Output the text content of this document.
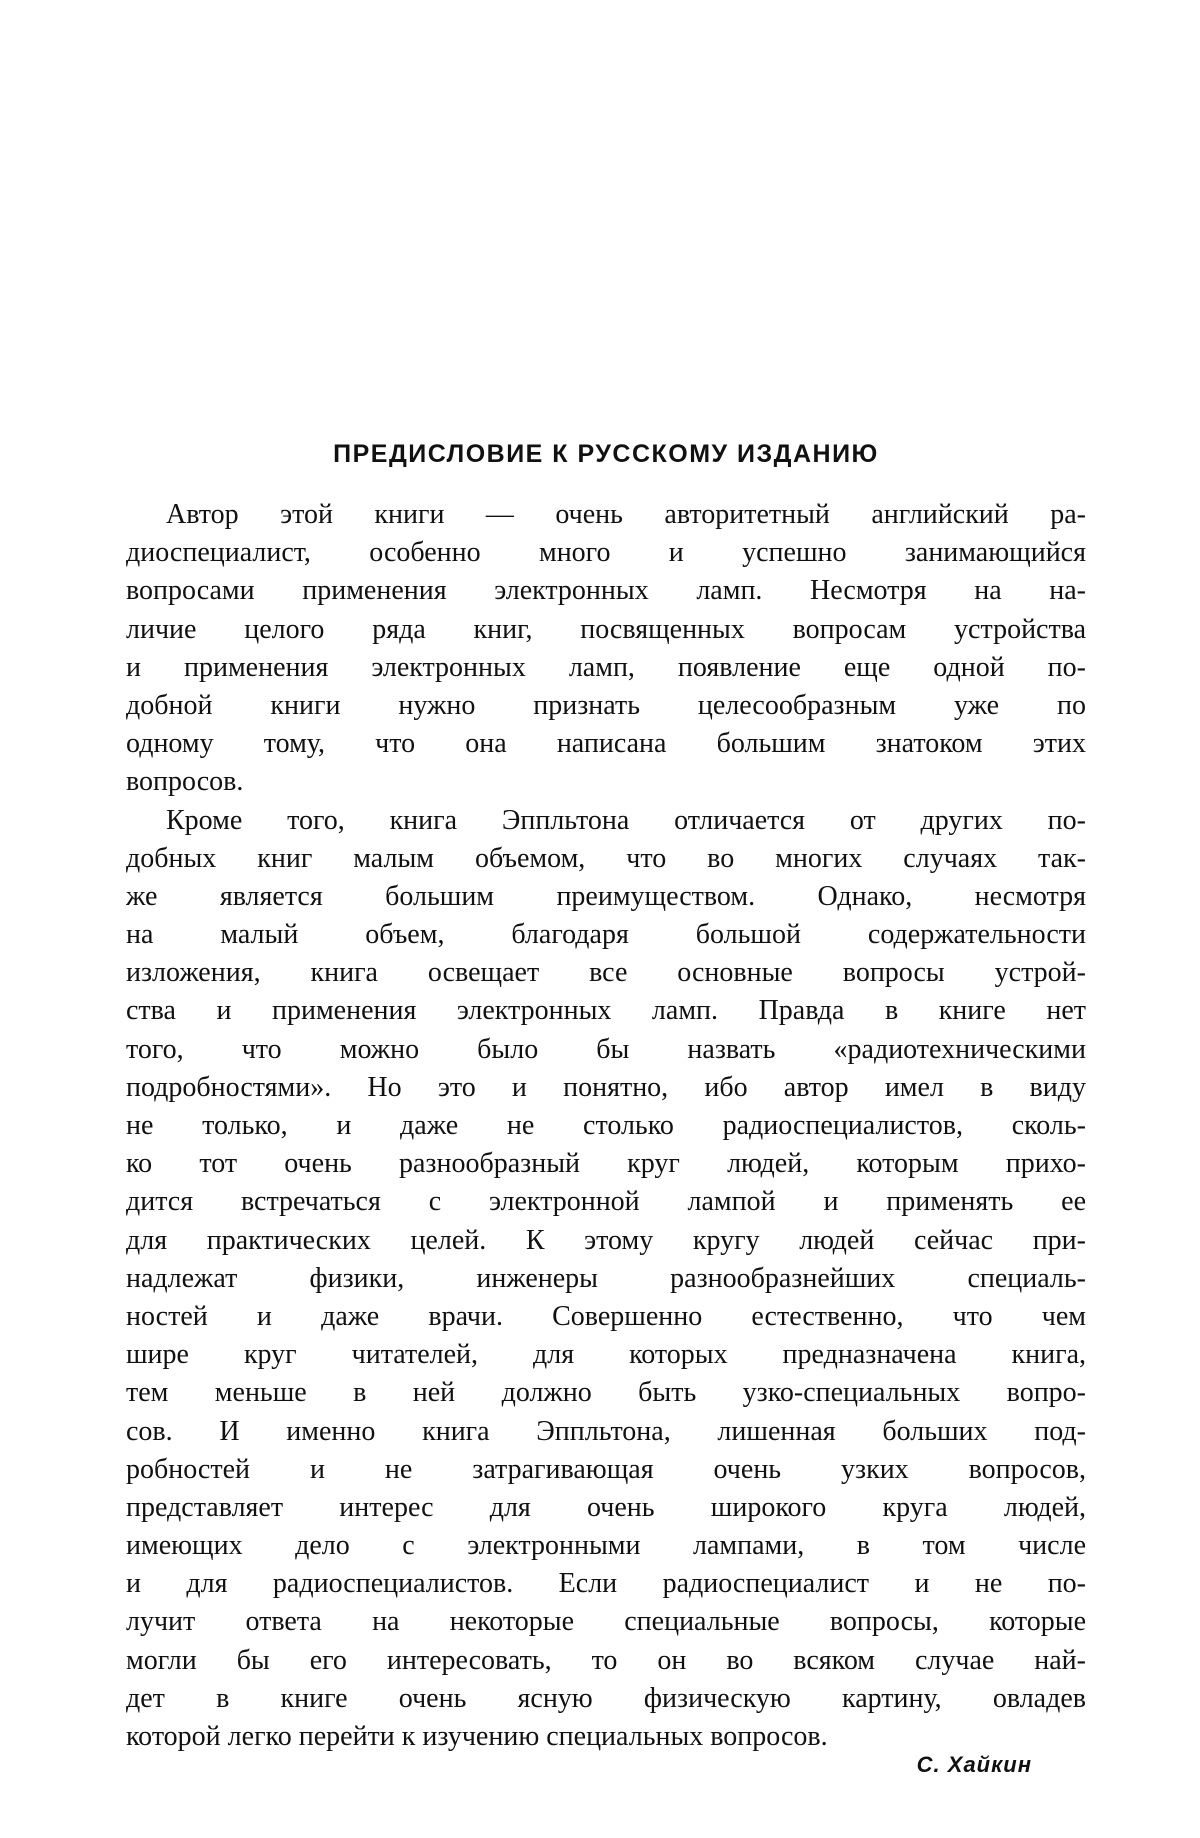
ПРЕДИСЛОВИЕ К РУССКОМУ ИЗДАНИЮ
Автор этой книги — очень авторитетный английский ра-
диоспециалист, особенно много и успешно занимающийся
вопросами применения электронных ламп. Несмотря на на-
личие целого ряда книг, посвященных вопросам устройства
и применения электронных ламп, появление еще одной по-
добной книги нужно признать целесообразным уже по
одному тому, что она написана большим знатоком этих
вопросов.
Кроме того, книга Эппльтона отличается от других по-
добных книг малым объемом, что во многих случаях так-
же является большим преимуществом. Однако, несмотря
на малый объем, благодаря большой содержательности
изложения, книга освещает все основные вопросы устрой-
ства и применения электронных ламп. Правда в книге нет
того, что можно было бы назвать «радиотехническими
подробностями». Но это и понятно, ибо автор имел в виду
не только, и даже не столько радиоспециалистов, сколь-
ко тот очень разнообразный круг людей, которым прихо-
дится встречаться с электронной лампой и применять ее
для практических целей. К этому кругу людей сейчас при-
надлежат физики, инженеры разнообразнейших специаль-
ностей и даже врачи. Совершенно естественно, что чем
шире круг читателей, для которых предназначена книга,
тем меньше в ней должно быть узко-специальных вопро-
сов. И именно книга Эппльтона, лишенная больших под-
робностей и не затрагивающая очень узких вопросов,
представляет интерес для очень широкого круга людей,
имеющих дело с электронными лампами, в том числе
и для радиоспециалистов. Если радиоспециалист и не по-
лучит ответа на некоторые специальные вопросы, которые
могли бы его интересовать, то он во всяком случае най-
дет в книге очень ясную физическую картину, овладев
которой легко перейти к изучению специальных вопросов.
С. Хайкин
